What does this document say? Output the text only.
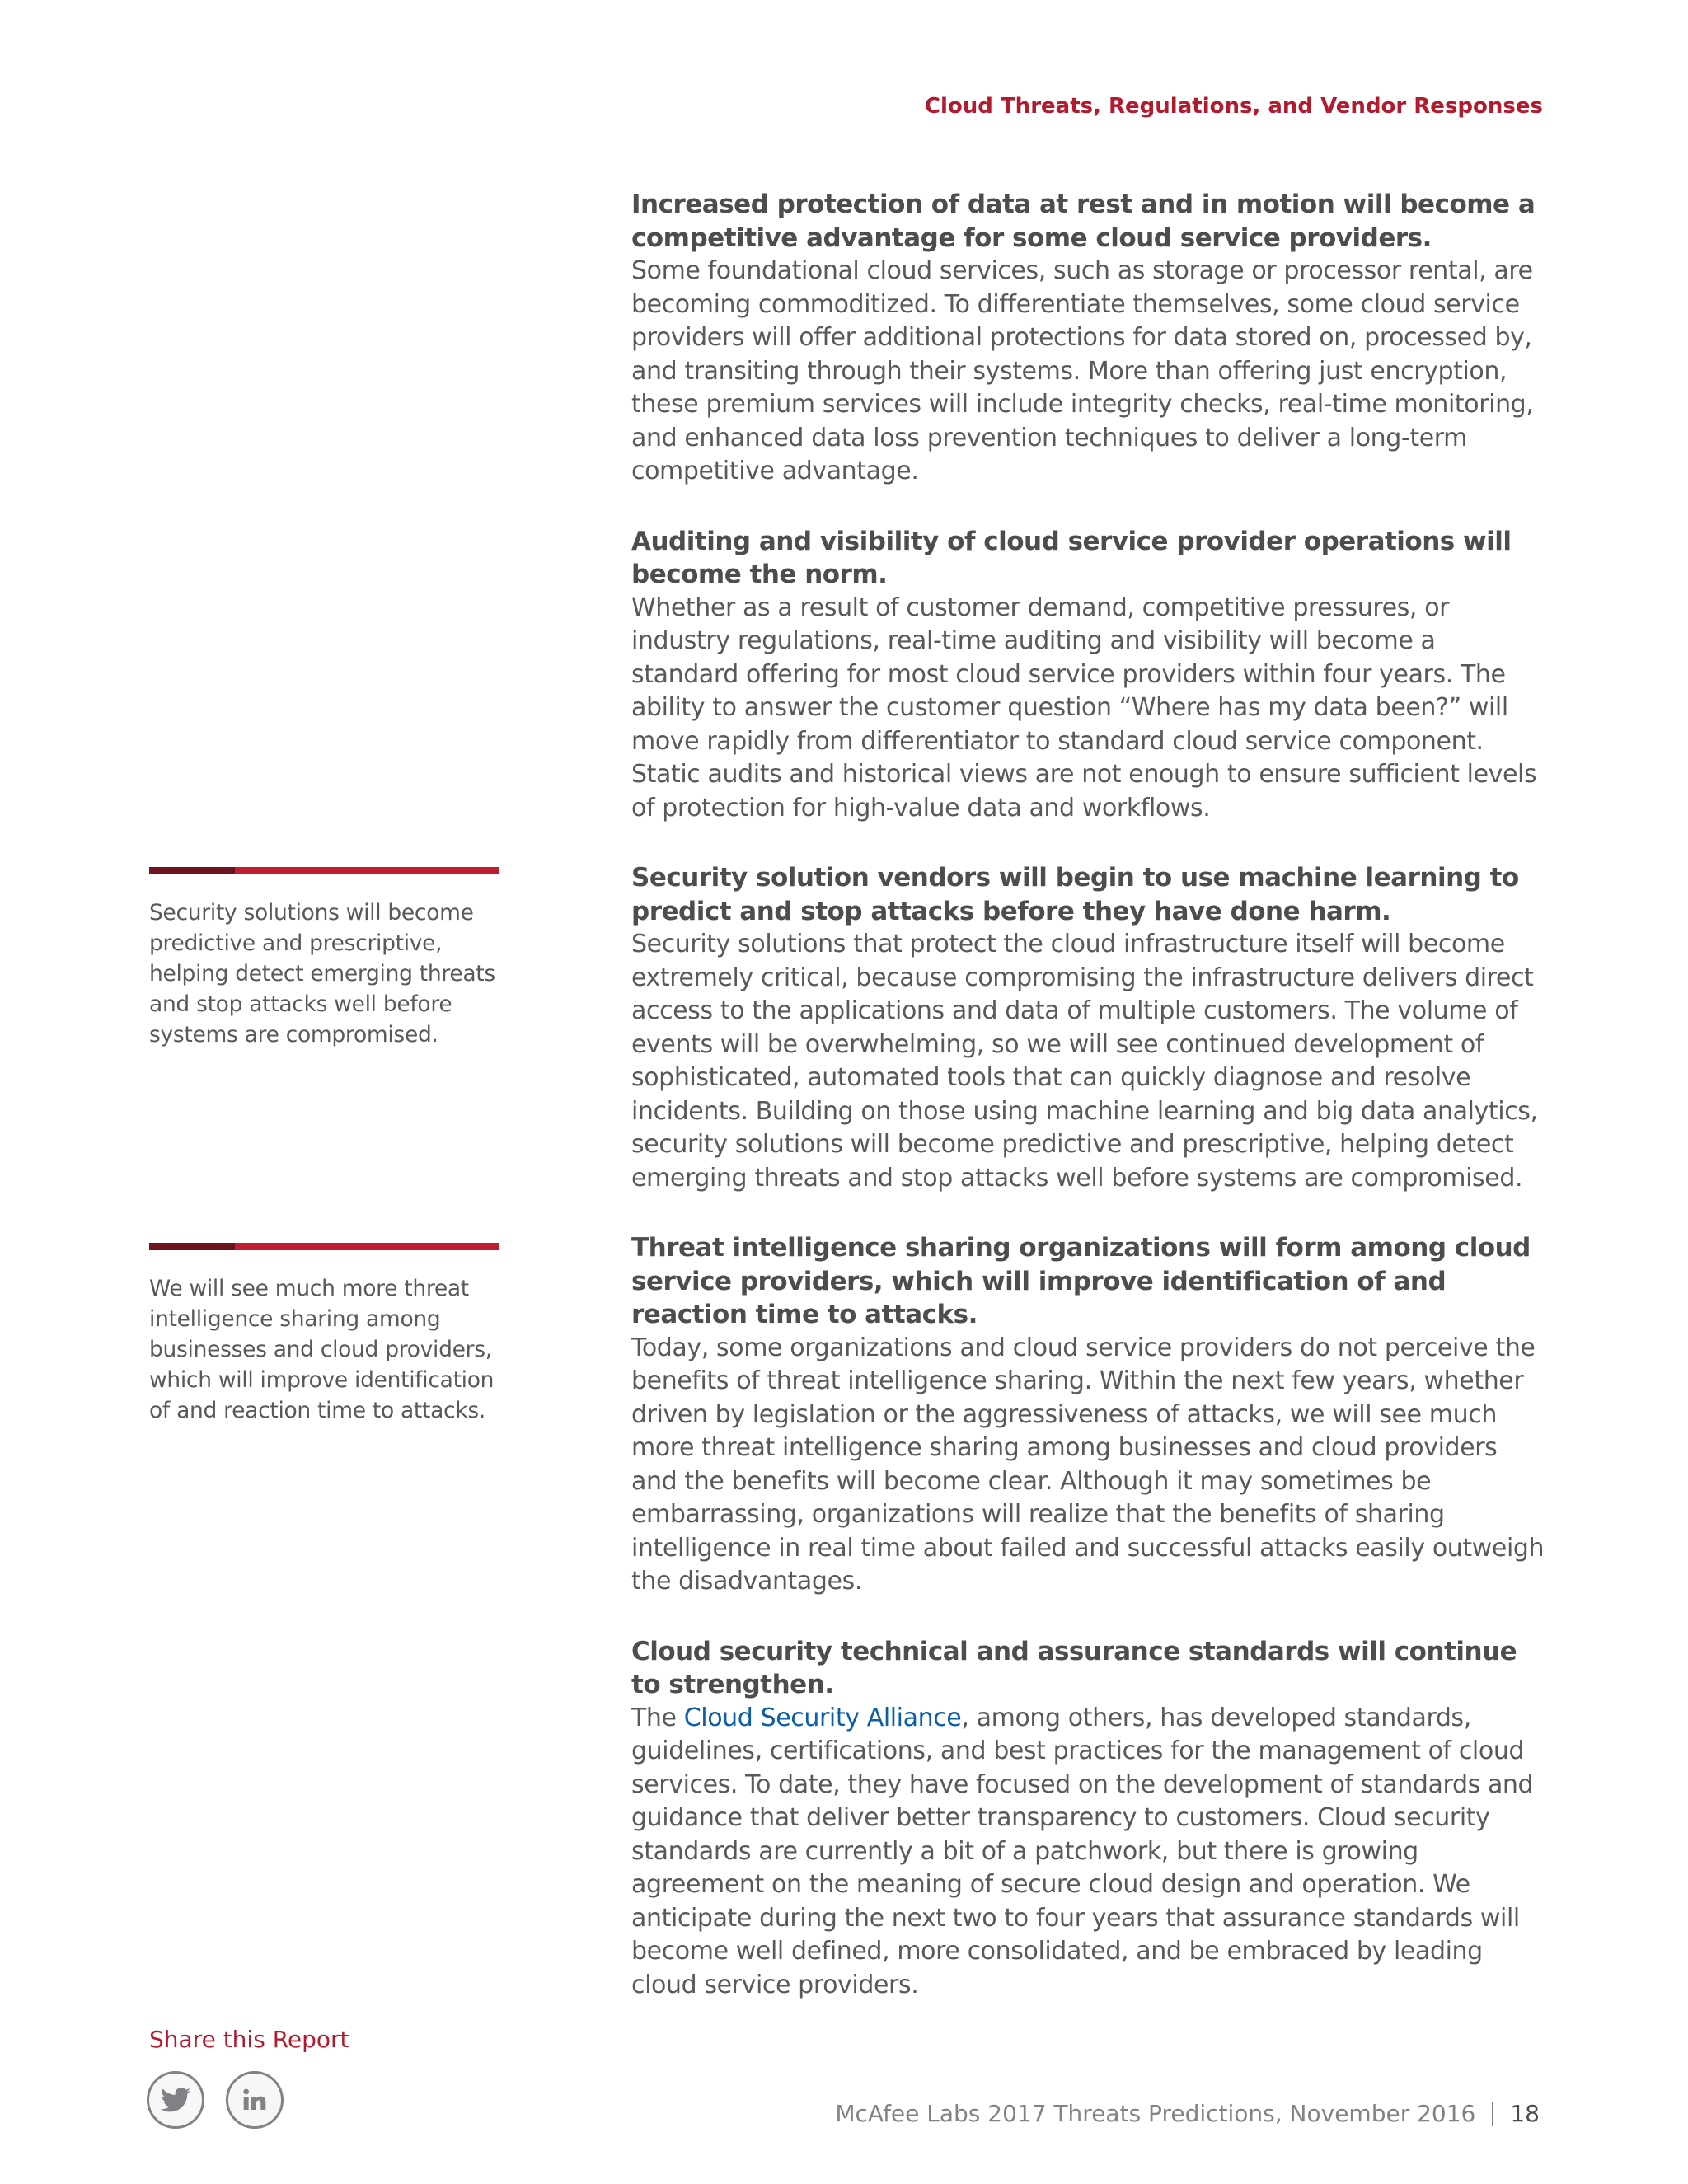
Cloud Threats, Regulations, and Vendor Responses
Increased protection of data at rest and in motion will become a competitive advantage for some cloud service providers.

Some foundational cloud services, such as storage or processor rental, are becoming commoditized. To differentiate themselves, some cloud service providers will offer additional protections for data stored on, processed by, and transiting through their systems. More than offering just encryption, these premium services will include integrity checks, real-time monitoring, and enhanced data loss prevention techniques to deliver a long-term competitive advantage.

Auditing and visibility of cloud service provider operations will become the norm.

Whether as a result of customer demand, competitive pressures, or industry regulations, real-time auditing and visibility will become a standard offering for most cloud service providers within four years. The ability to answer the customer question “Where has my data been?” will move rapidly from differentiator to standard cloud service component. Static audits and historical views are not enough to ensure sufficient levels of protection for high-value data and workflows.

Security solution vendors will begin to use machine learning to predict and stop attacks before they have done harm.

Security solutions that protect the cloud infrastructure itself will become extremely critical, because compromising the infrastructure delivers direct access to the applications and data of multiple customers. The volume of events will be overwhelming, so we will see continued development of sophisticated, automated tools that can quickly diagnose and resolve incidents. Building on those using machine learning and big data analytics, security solutions will become predictive and prescriptive, helping detect emerging threats and stop attacks well before systems are compromised.

Threat intelligence sharing organizations will form among cloud service providers, which will improve identification of and reaction time to attacks.

Today, some organizations and cloud service providers do not perceive the benefits of threat intelligence sharing. Within the next few years, whether driven by legislation or the aggressiveness of attacks, we will see much more threat intelligence sharing among businesses and cloud providers and the benefits will become clear. Although it may sometimes be embarrassing, organizations will realize that the benefits of sharing intelligence in real time about failed and successful attacks easily outweigh the disadvantages.

Cloud security technical and assurance standards will continue to strengthen.

The Cloud Security Alliance, among others, has developed standards, guidelines, certifications, and best practices for the management of cloud services. To date, they have focused on the development of standards and guidance that deliver better transparency to customers. Cloud security standards are currently a bit of a patchwork, but there is growing agreement on the meaning of secure cloud design and operation. We anticipate during the next two to four years that assurance standards will become well defined, more consolidated, and be embraced by leading cloud service providers.

Security solutions will become predictive and prescriptive, helping detect emerging threats and stop attacks well before systems are compromised.
We will see much more threat intelligence sharing among businesses and cloud providers, which will improve identification of and reaction time to attacks.
Share this Report
McAfee Labs 2017 Threats Predictions, November 2016 18
